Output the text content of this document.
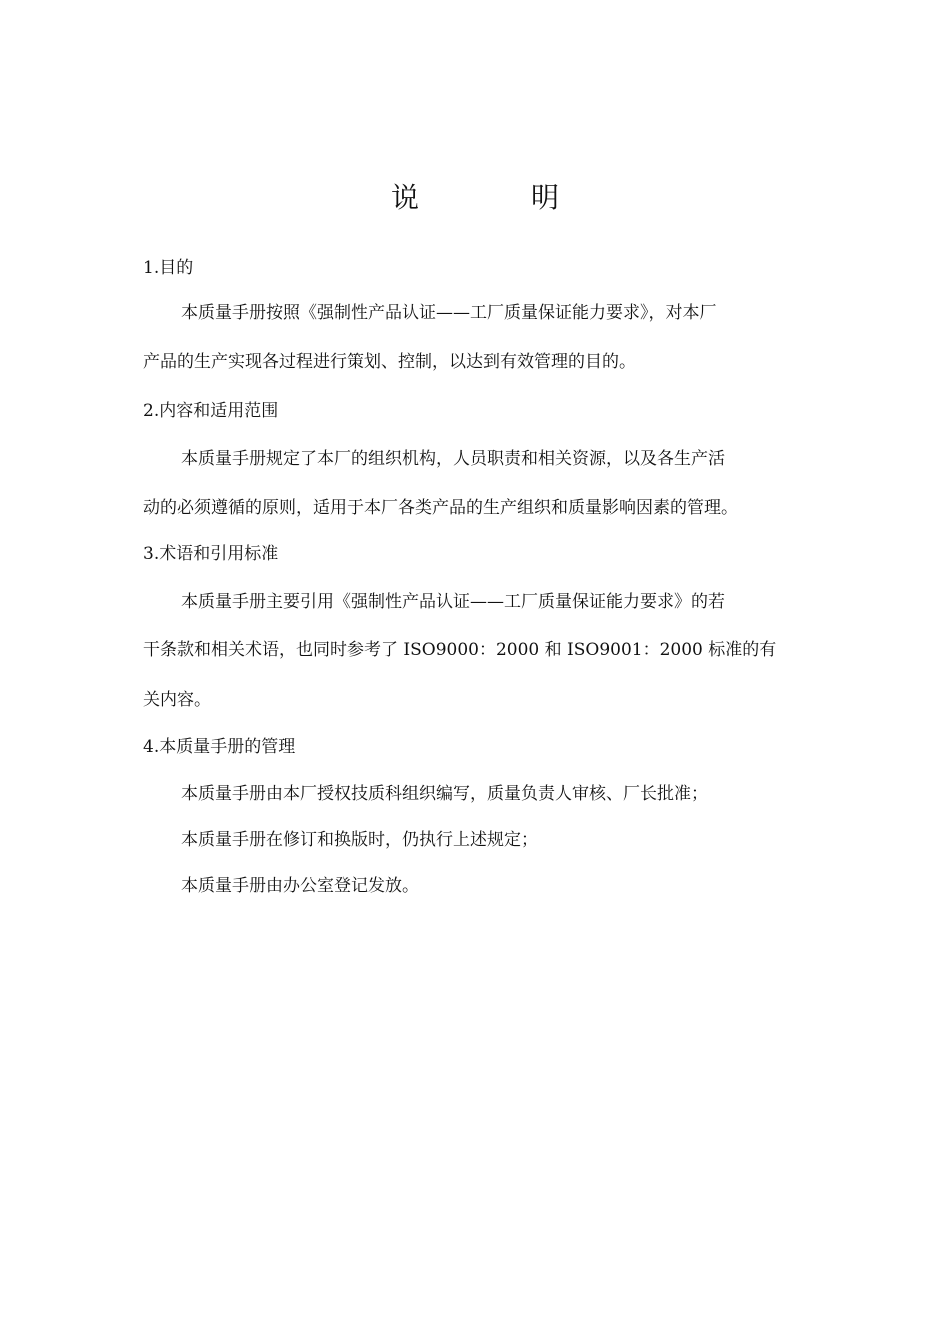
说	明
1.目的
本质量手册按照《强制性产品认证——工厂质量保证能力要求》，对本厂
产品的生产实现各过程进行策划、控制，以达到有效管理的目的。
2.内容和适用范围
本质量手册规定了本厂的组织机构，人员职责和相关资源，以及各生产活
动的必须遵循的原则，适用于本厂各类产品的生产组织和质量影响因素的管理。
3.术语和引用标准
本质量手册主要引用《强制性产品认证——工厂质量保证能力要求》的若
干条款和相关术语，也同时参考了 ISO9000：2000 和 ISO9001：2000 标准的有
关内容。
4.本质量手册的管理
本质量手册由本厂授权技质科组织编写，质量负责人审核、厂长批准；
本质量手册在修订和换版时，仍执行上述规定；
本质量手册由办公室登记发放。
